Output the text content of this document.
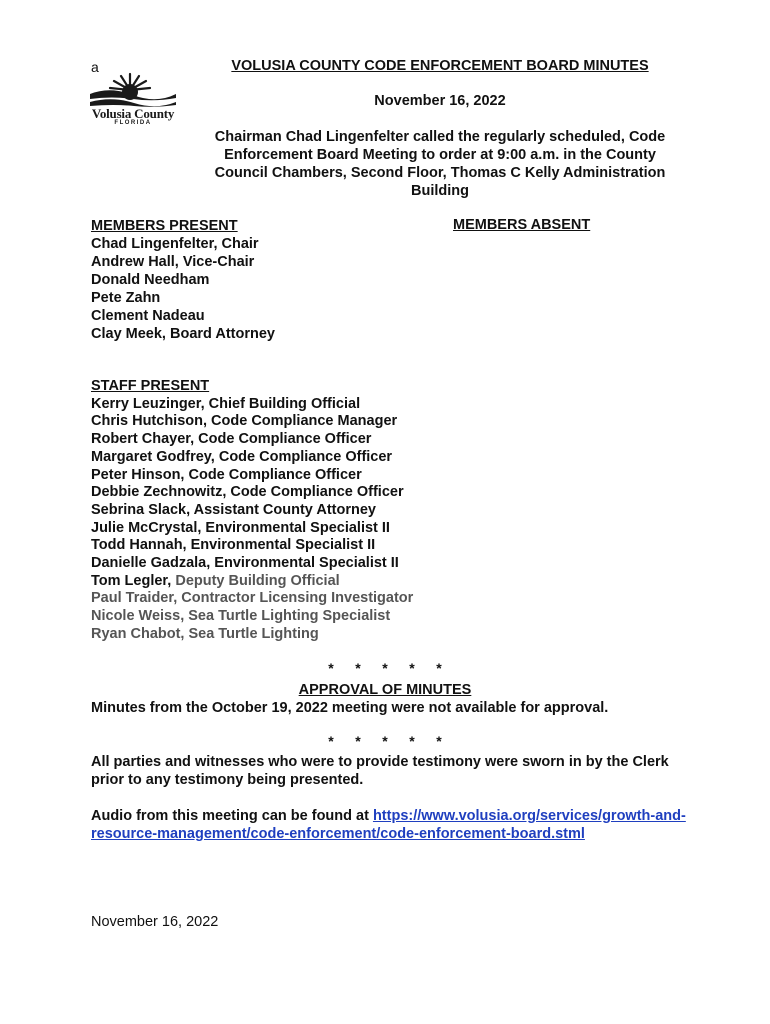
a
Volusia County
FLORIDA
VOLUSIA COUNTY CODE ENFORCEMENT BOARD MINUTES
November 16, 2022
Chairman Chad Lingenfelter called the regularly scheduled, Code Enforcement Board Meeting to order at 9:00 a.m. in the County Council Chambers, Second Floor, Thomas C Kelly Administration Building
MEMBERS PRESENT
Chad Lingenfelter, Chair
Andrew Hall, Vice-Chair
Donald Needham
Pete Zahn
Clement Nadeau
Clay Meek, Board Attorney
MEMBERS ABSENT
STAFF PRESENT
Kerry Leuzinger, Chief Building Official
Chris Hutchison, Code Compliance Manager
Robert Chayer, Code Compliance Officer
Margaret Godfrey, Code Compliance Officer
Peter Hinson, Code Compliance Officer
Debbie Zechnowitz, Code Compliance Officer
Sebrina Slack, Assistant County Attorney
Julie McCrystal, Environmental Specialist II
Todd Hannah, Environmental Specialist II
Danielle Gadzala, Environmental Specialist II
Tom Legler, Deputy Building Official
Paul Traider, Contractor Licensing Investigator
Nicole Weiss, Sea Turtle Lighting Specialist
Ryan Chabot, Sea Turtle Lighting
* * * * *
APPROVAL OF MINUTES
Minutes from the October 19, 2022 meeting were not available for approval.
* * * * *
All parties and witnesses who were to provide testimony were sworn in by the Clerk prior to any testimony being presented.
Audio from this meeting can be found at https://www.volusia.org/services/growth-and-resource-management/code-enforcement/code-enforcement-board.stml
November 16, 2022
